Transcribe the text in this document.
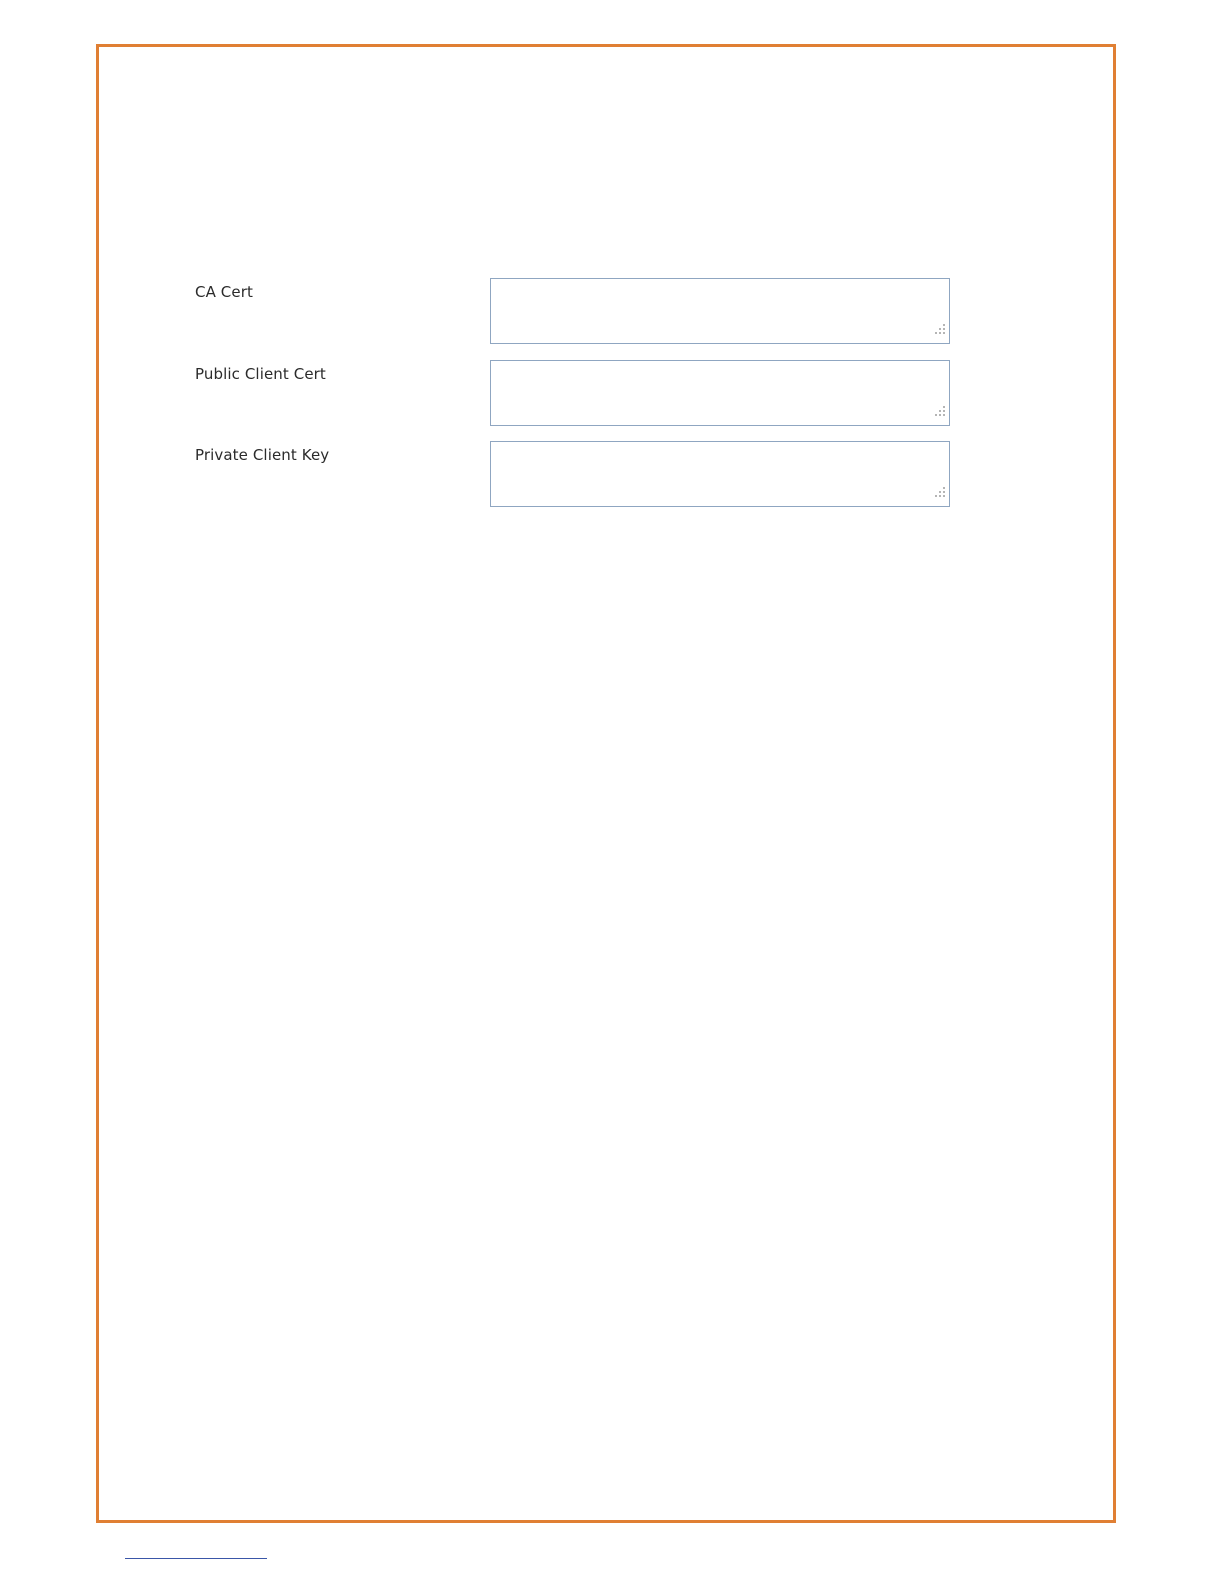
CA Cert
Public Client Cert
Private Client Key
